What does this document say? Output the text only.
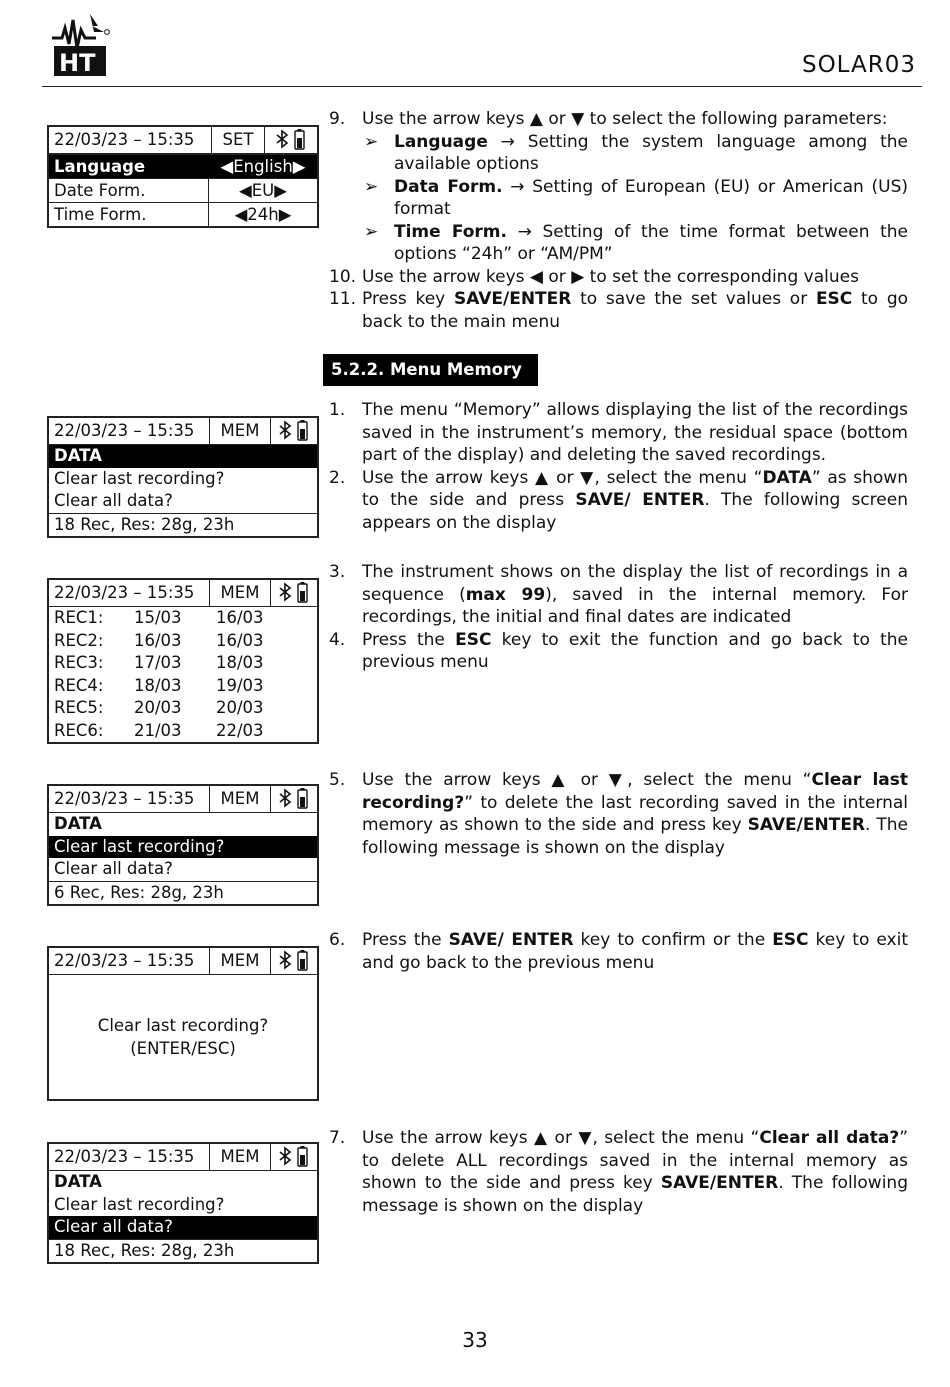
HT	SOLAR03
22/03/23 – 15:35	SET
Language	◀English▶
Date Form.	◀EU▶
Time Form.	◀24h▶
22/03/23 – 15:35	MEM
DATA
Clear last recording?
Clear all data?
18 Rec, Res: 28g, 23h
22/03/23 – 15:35	MEM
REC1:	15/03	16/03
REC2:	16/03	16/03
REC3:	17/03	18/03
REC4:	18/03	19/03
REC5:	20/03	20/03
REC6:	21/03	22/03
22/03/23 – 15:35	MEM
DATA
Clear last recording?
Clear all data?
6 Rec, Res: 28g, 23h
22/03/23 – 15:35	MEM
Clear last recording?
(ENTER/ESC)
22/03/23 – 15:35	MEM
DATA
Clear last recording?
Clear all data?
18 Rec, Res: 28g, 23h
9. Use the arrow keys ▲ or ▼ to select the following parameters:
➢ Language → Setting the system language among the available options
➢ Data Form. → Setting of European (EU) or American (US) format
➢ Time Form. → Setting of the time format between the options “24h” or “AM/PM”
10. Use the arrow keys ◀ or ▶ to set the corresponding values
11. Press key SAVE/ENTER to save the set values or ESC to go back to the main menu
5.2.2. Menu Memory
1. The menu “Memory” allows displaying the list of the recordings saved in the instrument’s memory, the residual space (bottom part of the display) and deleting the saved recordings.
2. Use the arrow keys ▲ or ▼, select the menu “DATA” as shown to the side and press SAVE/ ENTER. The following screen appears on the display
3. The instrument shows on the display the list of recordings in a sequence (max 99), saved in the internal memory. For recordings, the initial and final dates are indicated
4. Press the ESC key to exit the function and go back to the previous menu
5. Use the arrow keys ▲ or ▼, select the menu “Clear last recording?” to delete the last recording saved in the internal memory as shown to the side and press key SAVE/ENTER. The following message is shown on the display
6. Press the SAVE/ ENTER key to confirm or the ESC key to exit and go back to the previous menu
7. Use the arrow keys ▲ or ▼, select the menu “Clear all data?” to delete ALL recordings saved in the internal memory as shown to the side and press key SAVE/ENTER. The following message is shown on the display
33
